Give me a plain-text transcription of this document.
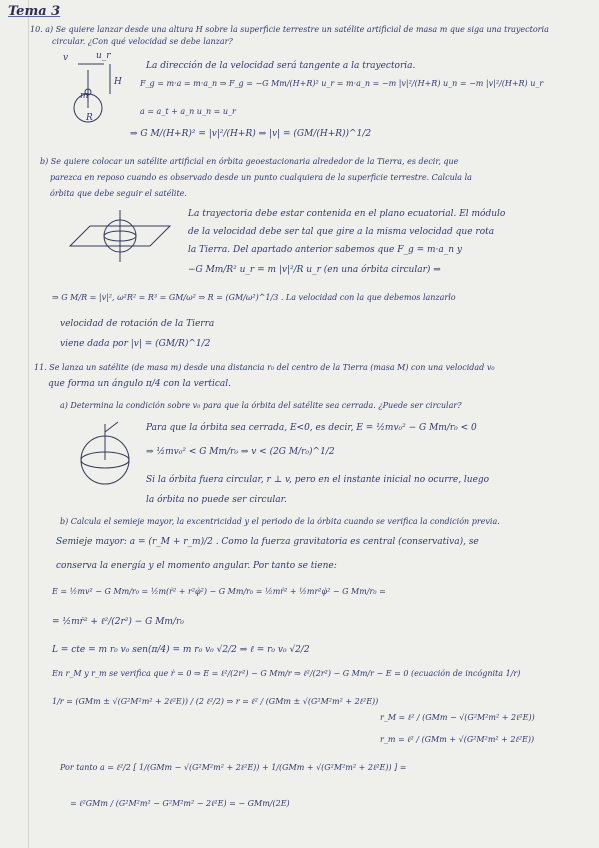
Tema 3
10. a) Se quiere lanzar desde una altura H sobre la superficie terrestre un satélite artificial de masa m que siga una trayectoria
circular. ¿Con qué velocidad se debe lanzar?
v	u_r
H
m
R
La dirección de la velocidad será tangente a la trayectoria.
F_g = m·a = m·a_n ⇒ F_g = −G Mm/(H+R)² u_r = m·a_n = −m |v|²/(H+R) u_n = −m |v|²/(H+R) u_r
a = a_t + a_n u_n = u_r
⇒ G M/(H+R)² = |v|²/(H+R) ⇒ |v| = (GM/(H+R))^1/2
b) Se quiere colocar un satélite artificial en órbita geoestacionaria alrededor de la Tierra, es decir, que
parezca en reposo cuando es observado desde un punto cualquiera de la superficie terrestre. Calcula la
órbita que debe seguir el satélite.
La trayectoria debe estar contenida en el plano ecuatorial. El módulo
de la velocidad debe ser tal que gire a la misma velocidad que rota
la Tierra. Del apartado anterior sabemos que F_g = m·a_n y
−G Mm/R² u_r = m |v|²/R u_r (en una órbita circular) ⇒
⇒ G M/R = |v|², ω²R² = R³ = GM/ω² ⇒ R = (GM/ω²)^1/3 . La velocidad con la que debemos lanzarlo
velocidad de rotación de la Tierra
viene dada por |v| = (GM/R)^1/2
11. Se lanza un satélite (de masa m) desde una distancia r₀ del centro de la Tierra (masa M) con una velocidad v₀
que forma un ángulo π/4 con la vertical.
a) Determina la condición sobre v₀ para que la órbita del satélite sea cerrada. ¿Puede ser circular?
Para que la órbita sea cerrada, E<0, es decir, E = ½mv₀² − G Mm/r₀ < 0
⇒ ½mv₀² < G Mm/r₀ ⇒ v < (2G M/r₀)^1/2
Si la órbita fuera circular, r ⊥ v, pero en el instante inicial no ocurre, luego
la órbita no puede ser circular.
b) Calcula el semieje mayor, la excentricidad y el periodo de la órbita cuando se verifica la condición previa.
Semieje mayor: a = (r_M + r_m)/2 . Como la fuerza gravitatoria es central (conservativa), se
conserva la energía y el momento angular. Por tanto se tiene:
E = ½mv² − G Mm/r₀ = ½m(ṙ² + r²φ̇²) − G Mm/r₀ = ½mṙ² + ½mr²φ̇² − G Mm/r₀ =
= ½mṙ² + ℓ²/(2r²) − G Mm/r₀
L = cte = m r₀ v₀ sen(π/4) = m r₀ v₀ √2/2 ⇒ ℓ = r₀ v₀ √2/2
En r_M y r_m se verifica que ṙ = 0 ⇒ E = ℓ²/(2r²) − G Mm/r ⇒ ℓ²/(2r²) − G Mm/r − E = 0 (ecuación de incógnita 1/r)
1/r = (GMm ± √(G²M²m² + 2ℓ²E)) / (2 ℓ²/2) ⇒ r = ℓ² / (GMm ± √(G²M²m² + 2ℓ²E))
r_M = ℓ² / (GMm − √(G²M²m² + 2ℓ²E))
r_m = ℓ² / (GMm + √(G²M²m² + 2ℓ²E))
Por tanto a = ℓ²/2 [ 1/(GMm − √(G²M²m² + 2ℓ²E)) + 1/(GMm + √(G²M²m² + 2ℓ²E)) ] =
= ℓ²GMm / (G²M²m² − G²M²m² − 2ℓ²E) = − GMm/(2E)
